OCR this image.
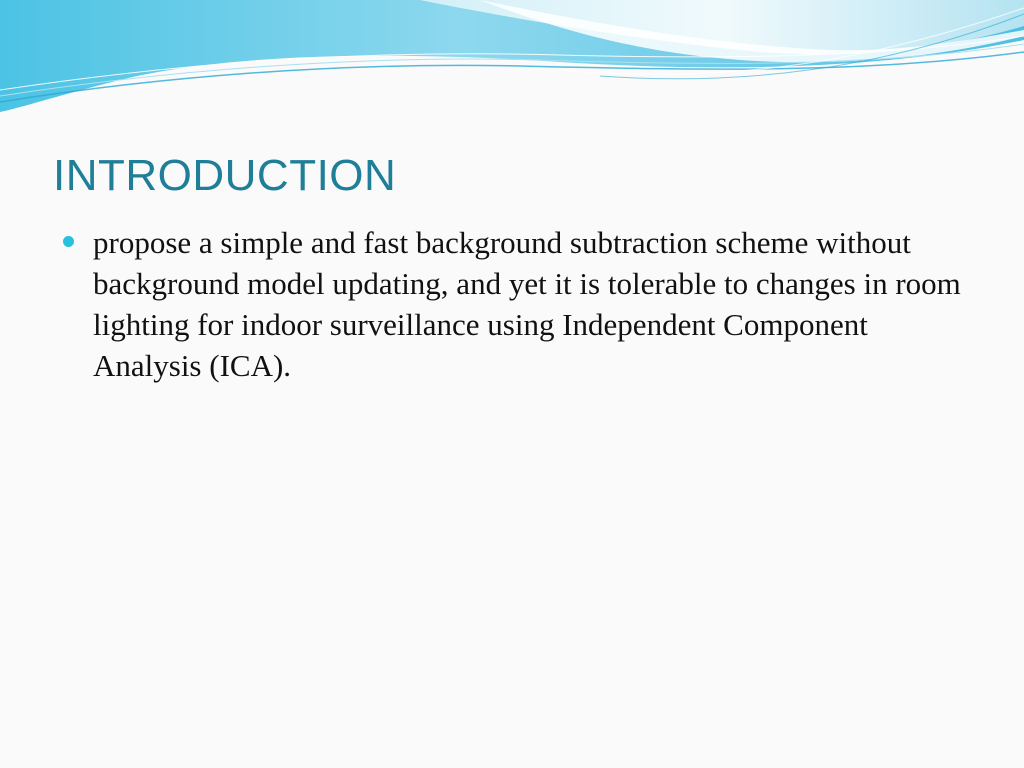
INTRODUCTION
propose a simple and fast background subtraction scheme without background model updating, and yet it is tolerable to changes in room lighting for indoor surveillance using Independent Component Analysis (ICA).
